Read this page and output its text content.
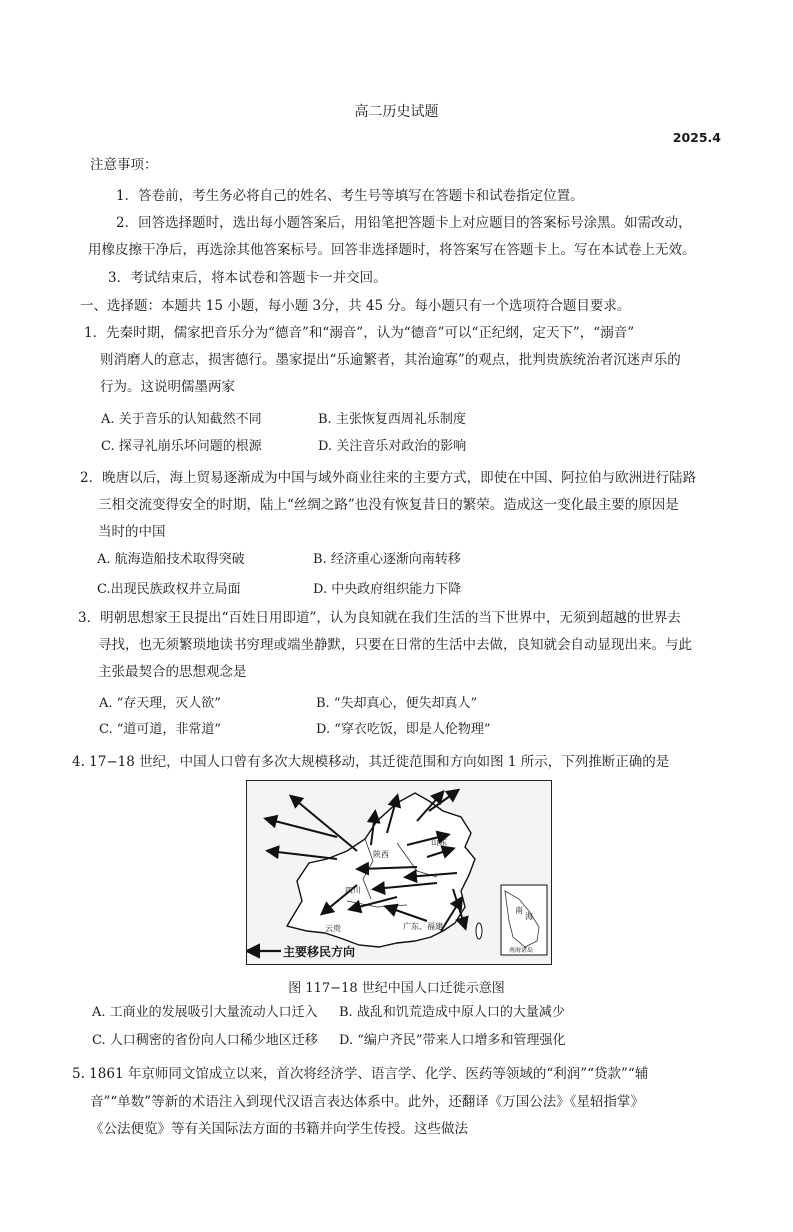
高二历史试题
2025.4
注意事项：
1．答卷前，考生务必将自己的姓名、考生号等填写在答题卡和试卷指定位置。
2．回答选择题时，选出每小题答案后，用铅笔把答题卡上对应题目的答案标号涂黑。如需改动，
用橡皮擦干净后，再选涂其他答案标号。回答非选择题时，将答案写在答题卡上。写在本试卷上无效。
3．考试结束后，将本试卷和答题卡一并交回。
一、选择题：本题共 15 小题，每小题 3分，共 45 分。每小题只有一个选项符合题目要求。
1．先秦时期，儒家把音乐分为“德音”和“溺音”，认为“德音”可以“正纪纲，定天下”，“溺音”
则消磨人的意志，损害德行。墨家提出“乐逾繁者，其治逾寡”的观点，批判贵族统治者沉迷声乐的
行为。这说明儒墨两家
A. 关于音乐的认知截然不同	B. 主张恢复西周礼乐制度
C. 探寻礼崩乐坏问题的根源	D. 关注音乐对政治的影响
2．晚唐以后，海上贸易逐渐成为中国与域外商业往来的主要方式，即使在中国、阿拉伯与欧洲进行陆路
三相交流变得安全的时期，陆上“丝绸之路”也没有恢复昔日的繁荣。造成这一变化最主要的原因是
当时的中国
A. 航海造船技术取得突破	B. 经济重心逐渐向南转移
C.出现民族政权并立局面	D. 中央政府组织能力下降
3．明朝思想家王艮提出“百姓日用即道”，认为良知就在我们生活的当下世界中，无须到超越的世界去
寻找，也无须繁琐地读书穷理或端坐静默，只要在日常的生活中去做，良知就会自动显现出来。与此
主张最契合的思想观念是
A. “存天理，灭人欲”	B. “失却真心，便失却真人”
C. “道可道，非常道”	D. “穿衣吃饭，即是人伦物理”
4. 17−18 世纪，中国人口曾有多次大规模移动，其迁徙范围和方向如图 1 所示，下列推断正确的是
南
海
南海诸岛
陕西
山东
四川
云贵	广东、福建
主要移民方向
图 117−18 世纪中国人口迁徙示意图
A. 工商业的发展吸引大量流动人口迁入 B. 战乱和饥荒造成中原人口的大量减少
C. 人口稠密的省份向人口稀少地区迁移 D. “编户齐民”带来人口增多和管理强化
5. 1861 年京师同文馆成立以来，首次将经济学、语言学、化学、医药等领域的“利润”“贷款”“辅
音”“单数”等新的术语注入到现代汉语言表达体系中。此外，还翻译《万国公法》《星轺指掌》
《公法便览》等有关国际法方面的书籍并向学生传授。这些做法
